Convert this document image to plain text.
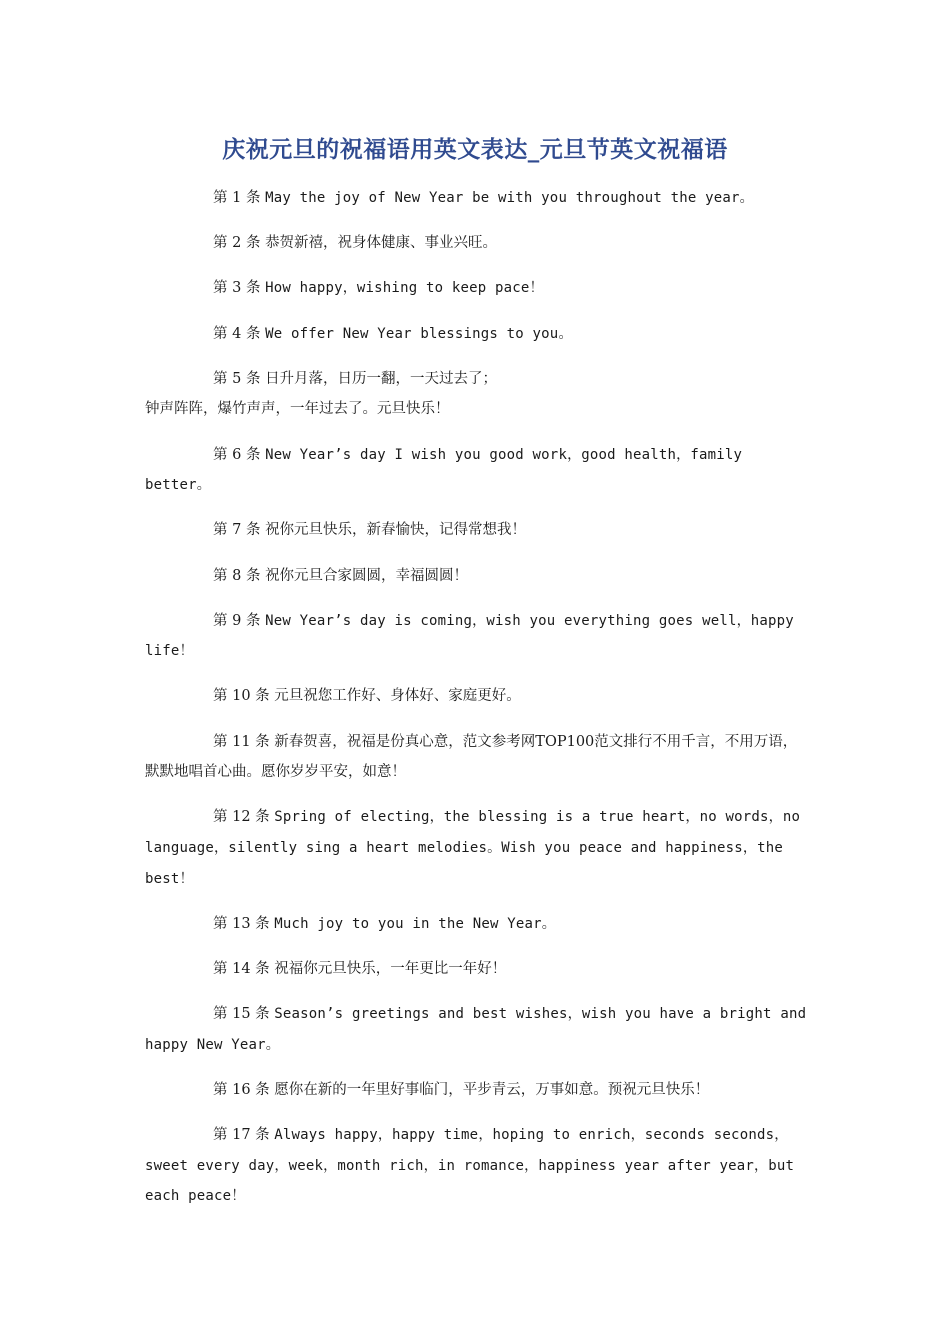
庆祝元旦的祝福语用英文表达_元旦节英文祝福语

第 1 条 May the joy of New Year be with you throughout the year。

第 2 条 恭贺新禧，祝身体健康、事业兴旺。

第 3 条 How happy，wishing to keep pace！

第 4 条 We offer New Year blessings to you。

第 5 条 日升月落，日历一翻，一天过去了；
钟声阵阵，爆竹声声，一年过去了。元旦快乐！

第 6 条 New Year’s day I wish you good work，good health，family better。

第 7 条 祝你元旦快乐，新春愉快，记得常想我！

第 8 条 祝你元旦合家圆圆，幸福圆圆！

第 9 条 New Year’s day is coming，wish you everything goes well，happy life！

第 10 条 元旦祝您工作好、身体好、家庭更好。

第 11 条 新春贺喜，祝福是份真心意，范文参考网TOP100范文排行不用千言，不用万语，默默地唱首心曲。愿你岁岁平安，如意！

第 12 条 Spring of electing，the blessing is a true heart，no words，no language，silently sing a heart melodies。Wish you peace and happiness，the best！

第 13 条 Much joy to you in the New Year。

第 14 条 祝福你元旦快乐，一年更比一年好！

第 15 条 Season’s greetings and best wishes，wish you have a bright and happy New Year。

第 16 条 愿你在新的一年里好事临门，平步青云，万事如意。预祝元旦快乐！

第 17 条 Always happy，happy time，hoping to enrich，seconds seconds，sweet every day，week，month rich，in romance，happiness year after year，but each peace！
